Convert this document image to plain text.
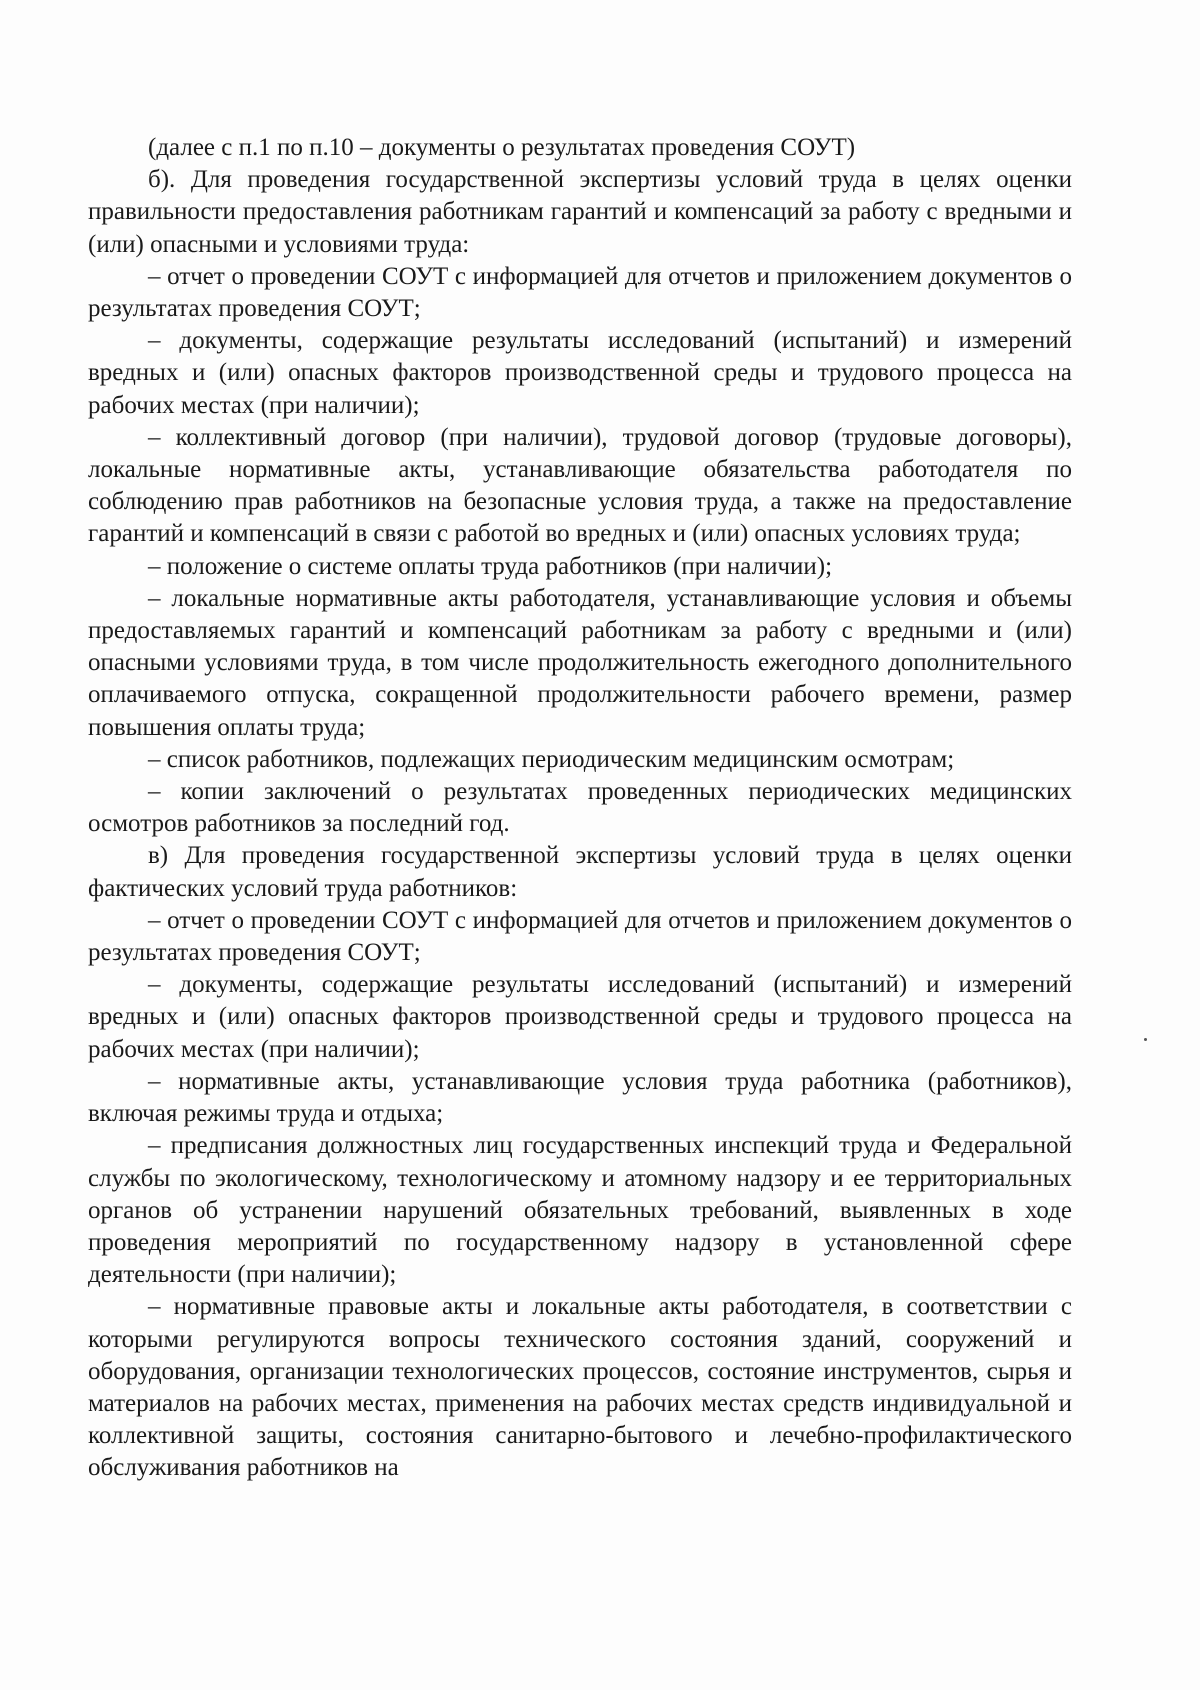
(далее с п.1 по п.10 – документы о результатах проведения СОУТ)

б). Для проведения государственной экспертизы условий труда в целях оценки правильности предоставления работникам гарантий и компенсаций за работу с вредными и (или) опасными и условиями труда:

– отчет о проведении СОУТ с информацией для отчетов и приложением документов о результатах проведения СОУТ;

– документы, содержащие результаты исследований (испытаний) и измерений вредных и (или) опасных факторов производственной среды и трудового процесса на рабочих местах (при наличии);

– коллективный договор (при наличии), трудовой договор (трудовые договоры), локальные нормативные акты, устанавливающие обязательства работодателя по соблюдению прав работников на безопасные условия труда, а также на предоставление гарантий и компенсаций в связи с работой во вредных и (или) опасных условиях труда;

– положение о системе оплаты труда работников (при наличии);

– локальные нормативные акты работодателя, устанавливающие условия и объемы предоставляемых гарантий и компенсаций работникам за работу с вредными и (или) опасными условиями труда, в том числе продолжительность ежегодного дополнительного оплачиваемого отпуска, сокращенной продолжительности рабочего времени, размер повышения оплаты труда;

– список работников, подлежащих периодическим медицинским осмотрам;

– копии заключений о результатах проведенных периодических медицинских осмотров работников за последний год.

в) Для проведения государственной экспертизы условий труда в целях оценки фактических условий труда работников:

– отчет о проведении СОУТ с информацией для отчетов и приложением документов о результатах проведения СОУТ;

– документы, содержащие результаты исследований (испытаний) и измерений вредных и (или) опасных факторов производственной среды и трудового процесса на рабочих местах (при наличии);

– нормативные акты, устанавливающие условия труда работника (работников), включая режимы труда и отдыха;

– предписания должностных лиц государственных инспекций труда и Федеральной службы по экологическому, технологическому и атомному надзору и ее территориальных органов об устранении нарушений обязательных требований, выявленных в ходе проведения мероприятий по государственному надзору в установленной сфере деятельности (при наличии);

– нормативные правовые акты и локальные акты работодателя, в соответствии с которыми регулируются вопросы технического состояния зданий, сооружений и оборудования, организации технологических процессов, состояние инструментов, сырья и материалов на рабочих местах, применения на рабочих местах средств индивидуальной и коллективной защиты, состояния санитарно-бытового и лечебно-профилактического обслуживания работников на
